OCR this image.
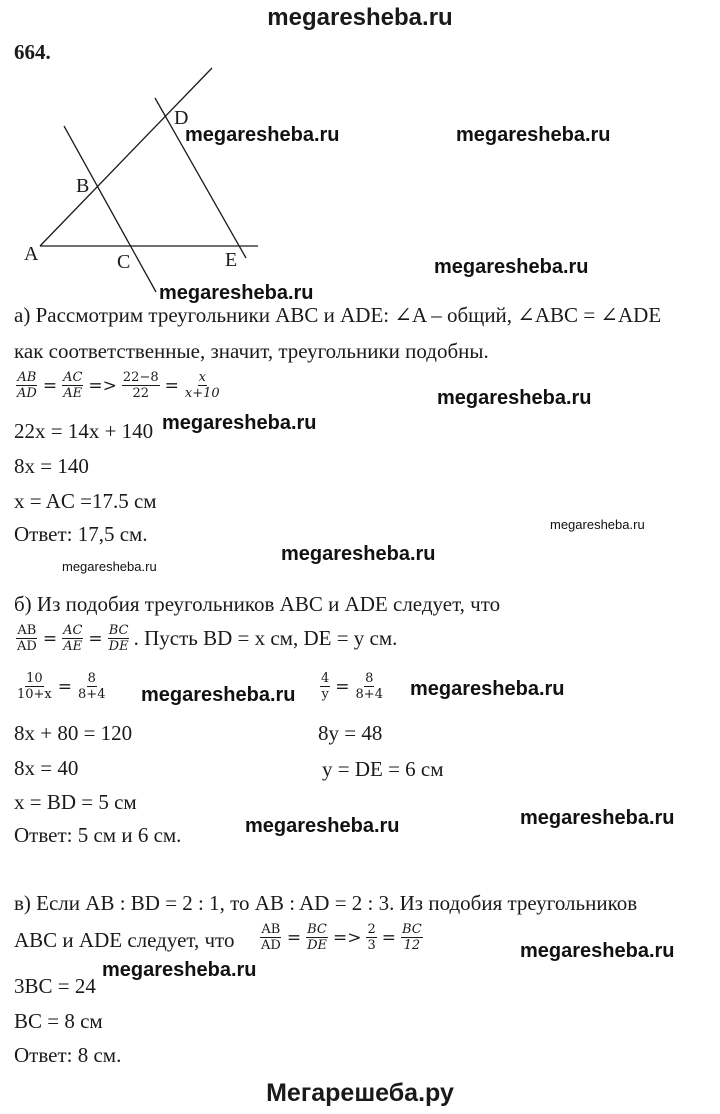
megaresheba.ru
664.
A
B
C
D
E
megaresheba.ru	megaresheba.ru
megaresheba.ru
megaresheba.ru
megaresheba.ru
megaresheba.ru
megaresheba.ru
megaresheba.ru
megaresheba.ru
megaresheba.ru	megaresheba.ru
megaresheba.ru
megaresheba.ru
megaresheba.ru
megaresheba.ru
а) Рассмотрим треугольники ABC и ADE: ∠A – общий, ∠ABC = ∠ADE
как соответственные, значит, треугольники подобны.
$\frac{AB}{AD} = \frac{AC}{AE} => \frac{22-8}{22} = \frac{x}{x+10}$
22x = 14x + 140
8x = 140
x = AC =17.5 см
Ответ: 17,5 см.
б) Из подобия треугольников ABC и ADE следует, что
$\frac{AB}{AD} = \frac{AC}{AE} = \frac{BC}{DE}$ . Пусть BD = x см, DE = y см.
$\frac{10}{10+x} = \frac{8}{8+4}$	$\frac{4}{y} = \frac{8}{8+4}$
8x + 80 = 120
8x = 40
x = BD = 5 см
8y = 48
y = DE = 6 см
Ответ: 5 см и 6 см.
в) Если AB : BD = 2 : 1, то AB : AD = 2 : 3. Из подобия треугольников
ABC и ADE следует, что $\frac{AB}{AD} = \frac{BC}{DE} => \frac{2}{3} = \frac{BC}{12}$
3BC = 24
BC = 8 см
Ответ: 8 см.
Мегарешеба.ру
